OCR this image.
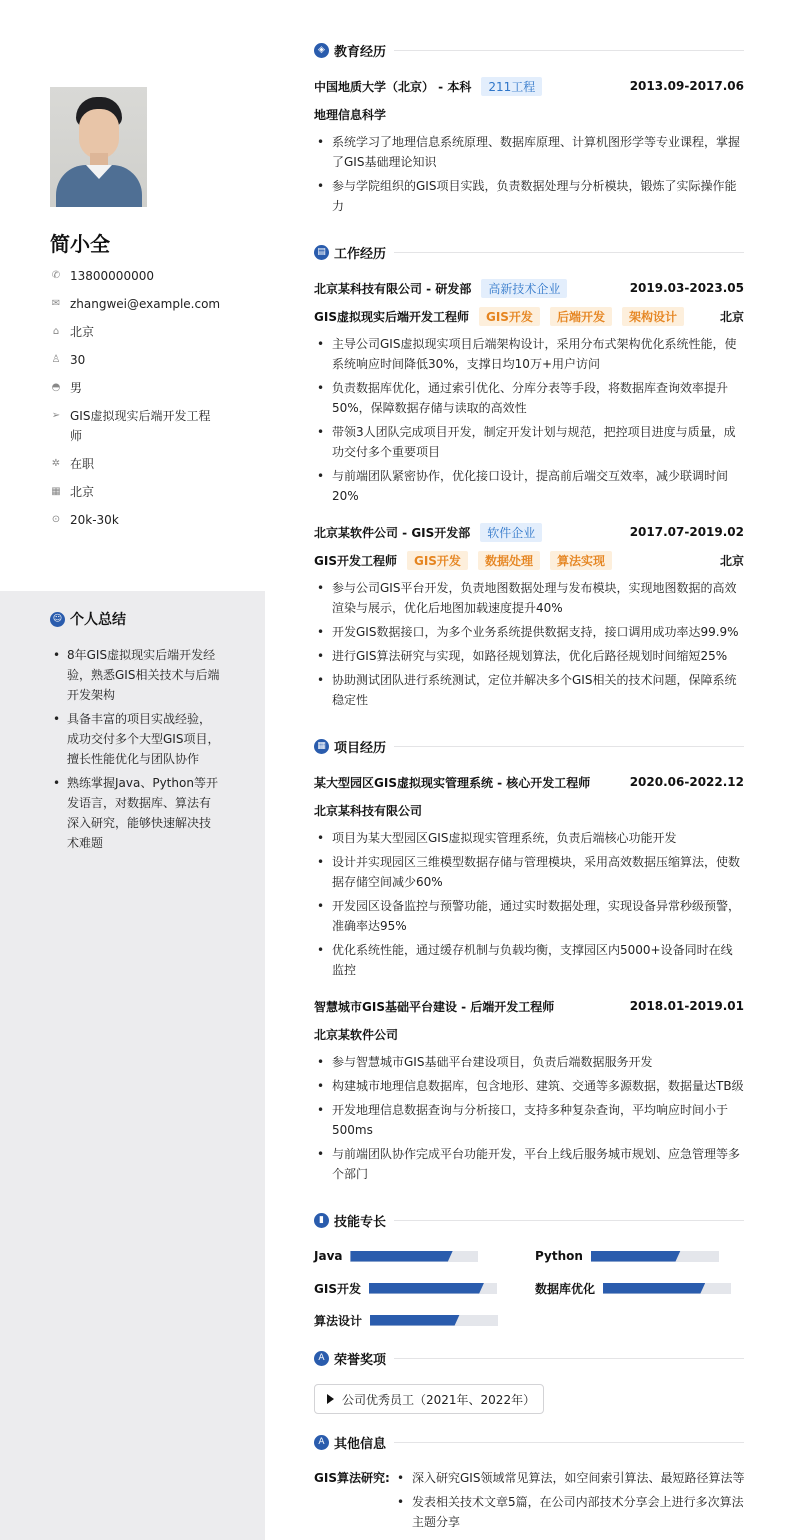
简小全
✆ 13800000000
✉ zhangwei@example.com
⌂ 北京
♙ 30
◓ 男
➢ GIS虚拟现实后端开发工程师
✲ 在职
▦ 北京
⊙ 20k-30k
☺ 个人总结
• 8年GIS虚拟现实后端开发经验，熟悉GIS相关技术与后端开发架构
• 具备丰富的项目实战经验，成功交付多个大型GIS项目，擅长性能优化与团队协作
• 熟练掌握Java、Python等开发语言，对数据库、算法有深入研究，能够快速解决技术难题
◈ 教育经历
中国地质大学（北京） - 本科	211工程	2013.09-2017.06
地理信息科学
• 系统学习了地理信息系统原理、数据库原理、计算机图形学等专业课程，掌握了GIS基础理论知识
• 参与学院组织的GIS项目实践，负责数据处理与分析模块，锻炼了实际操作能力
▤ 工作经历
北京某科技有限公司 - 研发部	高新技术企业	2019.03-2023.05
GIS虚拟现实后端开发工程师	GIS开发	后端开发	架构设计	北京
• 主导公司GIS虚拟现实项目后端架构设计，采用分布式架构优化系统性能，使系统响应时间降低30%，支撑日均10万+用户访问
• 负责数据库优化，通过索引优化、分库分表等手段，将数据库查询效率提升50%，保障数据存储与读取的高效性
• 带领3人团队完成项目开发，制定开发计划与规范，把控项目进度与质量，成功交付多个重要项目
• 与前端团队紧密协作，优化接口设计，提高前后端交互效率，减少联调时间20%
北京某软件公司 - GIS开发部	软件企业	2017.07-2019.02
GIS开发工程师	GIS开发	数据处理	算法实现	北京
• 参与公司GIS平台开发，负责地图数据处理与发布模块，实现地图数据的高效渲染与展示，优化后地图加载速度提升40%
• 开发GIS数据接口，为多个业务系统提供数据支持，接口调用成功率达99.9%
• 进行GIS算法研究与实现，如路径规划算法，优化后路径规划时间缩短25%
• 协助测试团队进行系统测试，定位并解决多个GIS相关的技术问题，保障系统稳定性
▦ 项目经历
某大型园区GIS虚拟现实管理系统 - 核心开发工程师	2020.06-2022.12
北京某科技有限公司
• 项目为某大型园区GIS虚拟现实管理系统，负责后端核心功能开发
• 设计并实现园区三维模型数据存储与管理模块，采用高效数据压缩算法，使数据存储空间减少60%
• 开发园区设备监控与预警功能，通过实时数据处理，实现设备异常秒级预警，准确率达95%
• 优化系统性能，通过缓存机制与负载均衡，支撑园区内5000+设备同时在线监控
智慧城市GIS基础平台建设 - 后端开发工程师	2018.01-2019.01
北京某软件公司
• 参与智慧城市GIS基础平台建设项目，负责后端数据服务开发
• 构建城市地理信息数据库，包含地形、建筑、交通等多源数据，数据量达TB级
• 开发地理信息数据查询与分析接口，支持多种复杂查询，平均响应时间小于500ms
• 与前端团队协作完成平台功能开发，平台上线后服务城市规划、应急管理等多个部门
▮ 技能专长
Java	Python
GIS开发	数据库优化
算法设计
A 荣誉奖项
公司优秀员工（2021年、2022年）
A 其他信息
GIS算法研究:
•	深入研究GIS领域常见算法，如空间索引算法、最短路径算法等
• 发表相关技术文章5篇，在公司内部技术分享会上进行多次算法主题分享
